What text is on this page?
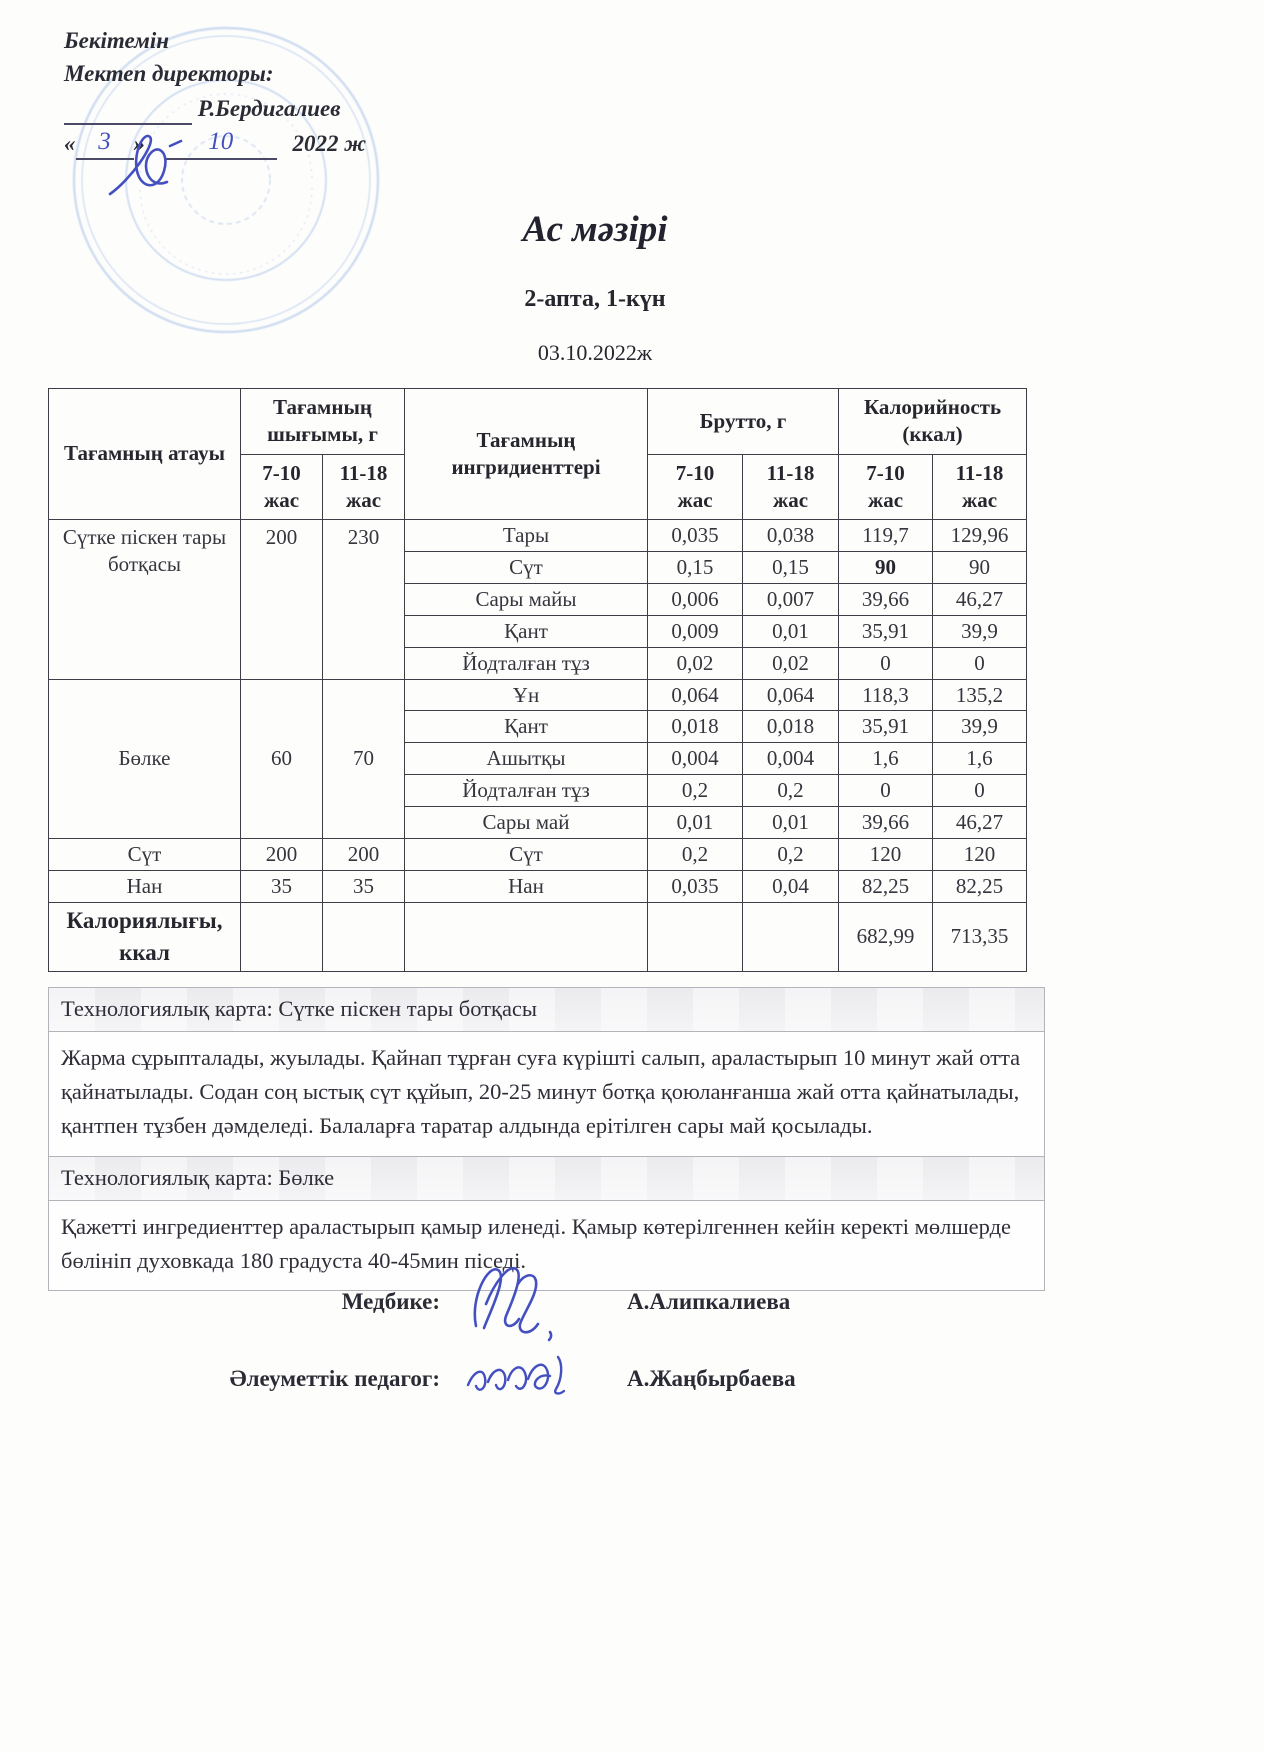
Бекітемін
Мектеп директоры:
Р.Бердигалиев
« 3 »	10	2022 ж
Ас мәзірі
2-апта, 1-күн
03.10.2022ж
Тағамның атауы	Тағамның шығымы, г		Тағамның ингридиенттері	Брутто, г		Калорийность (ккал)	
	7-10 жас	11-18 жас		7-10 жас	11-18 жас	7-10 жас	11-18 жас
Сүтке піскен тары ботқасы	200	230	Тары	0,035	0,038	119,7	129,96
			Сүт	0,15	0,15	90	90
			Сары майы	0,006	0,007	39,66	46,27
			Қант	0,009	0,01	35,91	39,9
			Йодталған тұз	0,02	0,02	0	0
Бөлке	60	70	Ұн	0,064	0,064	118,3	135,2
			Қант	0,018	0,018	35,91	39,9
			Ашытқы	0,004	0,004	1,6	1,6
			Йодталған тұз	0,2	0,2	0	0
			Сары май	0,01	0,01	39,66	46,27
Сүт	200	200	Сүт	0,2	0,2	120	120
Нан	35	35	Нан	0,035	0,04	82,25	82,25
Калориялығы, ккал						682,99	713,35
Технологиялық карта: Сүтке піскен тары ботқасы
Жарма сұрыпталады, жуылады. Қайнап тұрған суға күрішті салып, араластырып 10 минут жай отта қайнатылады. Содан соң ыстық сүт құйып, 20-25 минут ботқа қоюланғанша жай отта қайнатылады, қантпен тұзбен дәмделеді. Балаларға таратар алдында ерітілген сары май қосылады.
Технологиялық карта: Бөлке
Қажетті ингредиенттер араластырып қамыр иленеді. Қамыр көтерілгеннен кейін керекті мөлшерде бөлініп духовкада 180 градуста 40-45мин піседі.
Медбике:	А.Алипкалиева
Әлеуметтік педагог:	А.Жаңбырбаева
